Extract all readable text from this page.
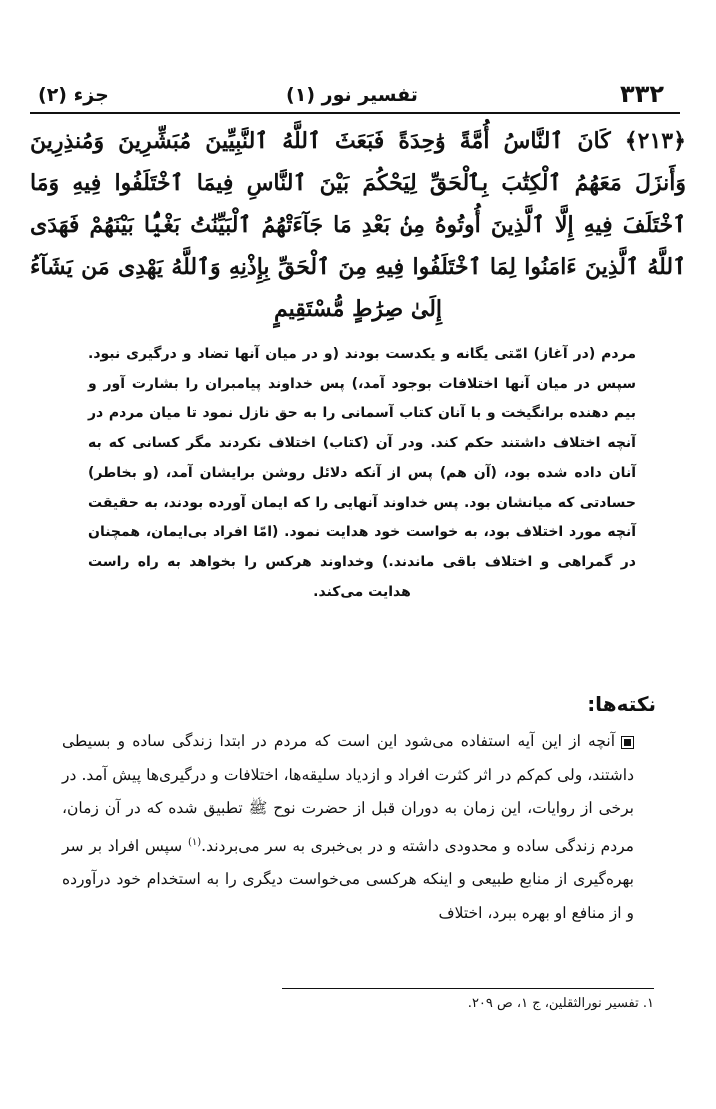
۳۳۲
تفسیر نور (۱)
جزء (۲)
﴿۲۱۳﴾ كَانَ ٱلنَّاسُ أُمَّةً وَٰحِدَةً فَبَعَثَ ٱللَّهُ ٱلنَّبِيِّينَ مُبَشِّرِينَ وَمُنذِرِينَ وَأَنزَلَ مَعَهُمُ ٱلْكِتَٰبَ بِٱلْحَقِّ لِيَحْكُمَ بَيْنَ ٱلنَّاسِ فِيمَا ٱخْتَلَفُوا فِيهِ وَمَا ٱخْتَلَفَ فِيهِ إِلَّا ٱلَّذِينَ أُوتُوهُ مِنۢ بَعْدِ مَا جَآءَتْهُمُ ٱلْبَيِّنَٰتُ بَغْيًۢا بَيْنَهُمْ فَهَدَى ٱللَّهُ ٱلَّذِينَ ءَامَنُوا لِمَا ٱخْتَلَفُوا فِيهِ مِنَ ٱلْحَقِّ بِإِذْنِهِ وَٱللَّهُ يَهْدِى مَن يَشَآءُ إِلَىٰ صِرَٰطٍ مُّسْتَقِيمٍ
مردم (در آغاز) امّتی یگانه و یکدست بودند (و در میان آنها تضاد و درگیری نبود. سپس در میان آنها اختلافات بوجود آمد،) پس خداوند پیامبران را بشارت آور و بیم دهنده برانگیخت و با آنان کتاب آسمانی را به حق نازل نمود تا میان مردم در آنچه اختلاف داشتند حکم کند. ودر آن (کتاب) اختلاف نکردند مگر کسانی که به آنان داده شده بود، (آن هم) پس از آنکه دلائل روشن برایشان آمد، (و بخاطر) حسادتی که میانشان بود. پس خداوند آنهایی را که ایمان آورده بودند، به حقیقت آنچه مورد اختلاف بود، به خواست خود هدایت نمود. (امّا افراد بی‌ایمان، همچنان در گمراهی و اختلاف باقی ماندند.) وخداوند هرکس را بخواهد به راه راست هدایت می‌کند.
نکته‌ها:

آنچه از این آیه استفاده می‌شود این است که مردم در ابتدا زندگی ساده و بسیطی داشتند، ولی کم‌کم در اثر کثرت افراد و ازدیاد سلیقه‌ها، اختلافات و درگیری‌ها پیش آمد. در برخی از روایات، این زمان به دوران قبل از حضرت نوح ﷺ تطبیق شده که در آن زمان، مردم زندگی ساده و محدودی داشته و در بی‌خبری به سر می‌بردند.$^{(۱)}$ سپس افراد بر سر بهره‌گیری از منابع طبیعی و اینکه هرکسی می‌خواست دیگری را به استخدام خود درآورده و از منافع او بهره ببرد، اختلاف

۱. تفسیر نورالثقلین، ج ۱، ص ۲۰۹.
